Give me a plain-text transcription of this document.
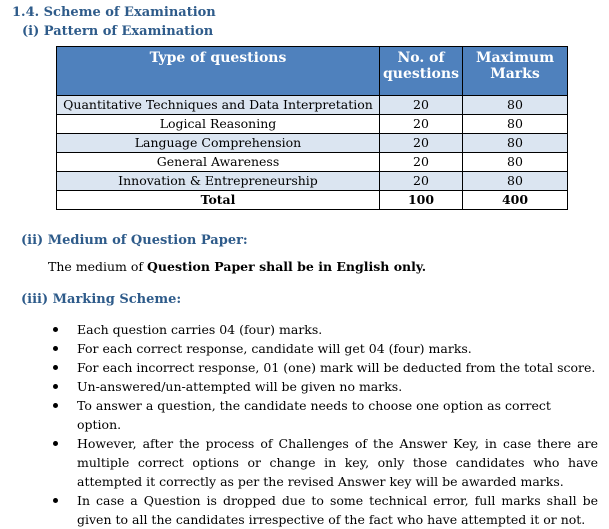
1.4. Scheme of Examination
(i) Pattern of Examination
Type of questions	No. of questions	Maximum Marks
Quantitative Techniques and Data Interpretation	20	80
Logical Reasoning	20	80
Language Comprehension	20	80
General Awareness	20	80
Innovation & Entrepreneurship	20	80
Total	100	400
(ii) Medium of Question Paper:
The medium of Question Paper shall be in English only.
(iii) Marking Scheme:
Each question carries 04 (four) marks.
For each correct response, candidate will get 04 (four) marks.
For each incorrect response, 01 (one) mark will be deducted from the total score.
Un-answered/un-attempted will be given no marks.
To answer a question, the candidate needs to choose one option as correct option.
However, after the process of Challenges of the Answer Key, in case there are multiple correct options or change in key, only those candidates who have attempted it correctly as per the revised Answer key will be awarded marks.
In case a Question is dropped due to some technical error, full marks shall be given to all the candidates irrespective of the fact who have attempted it or not.
